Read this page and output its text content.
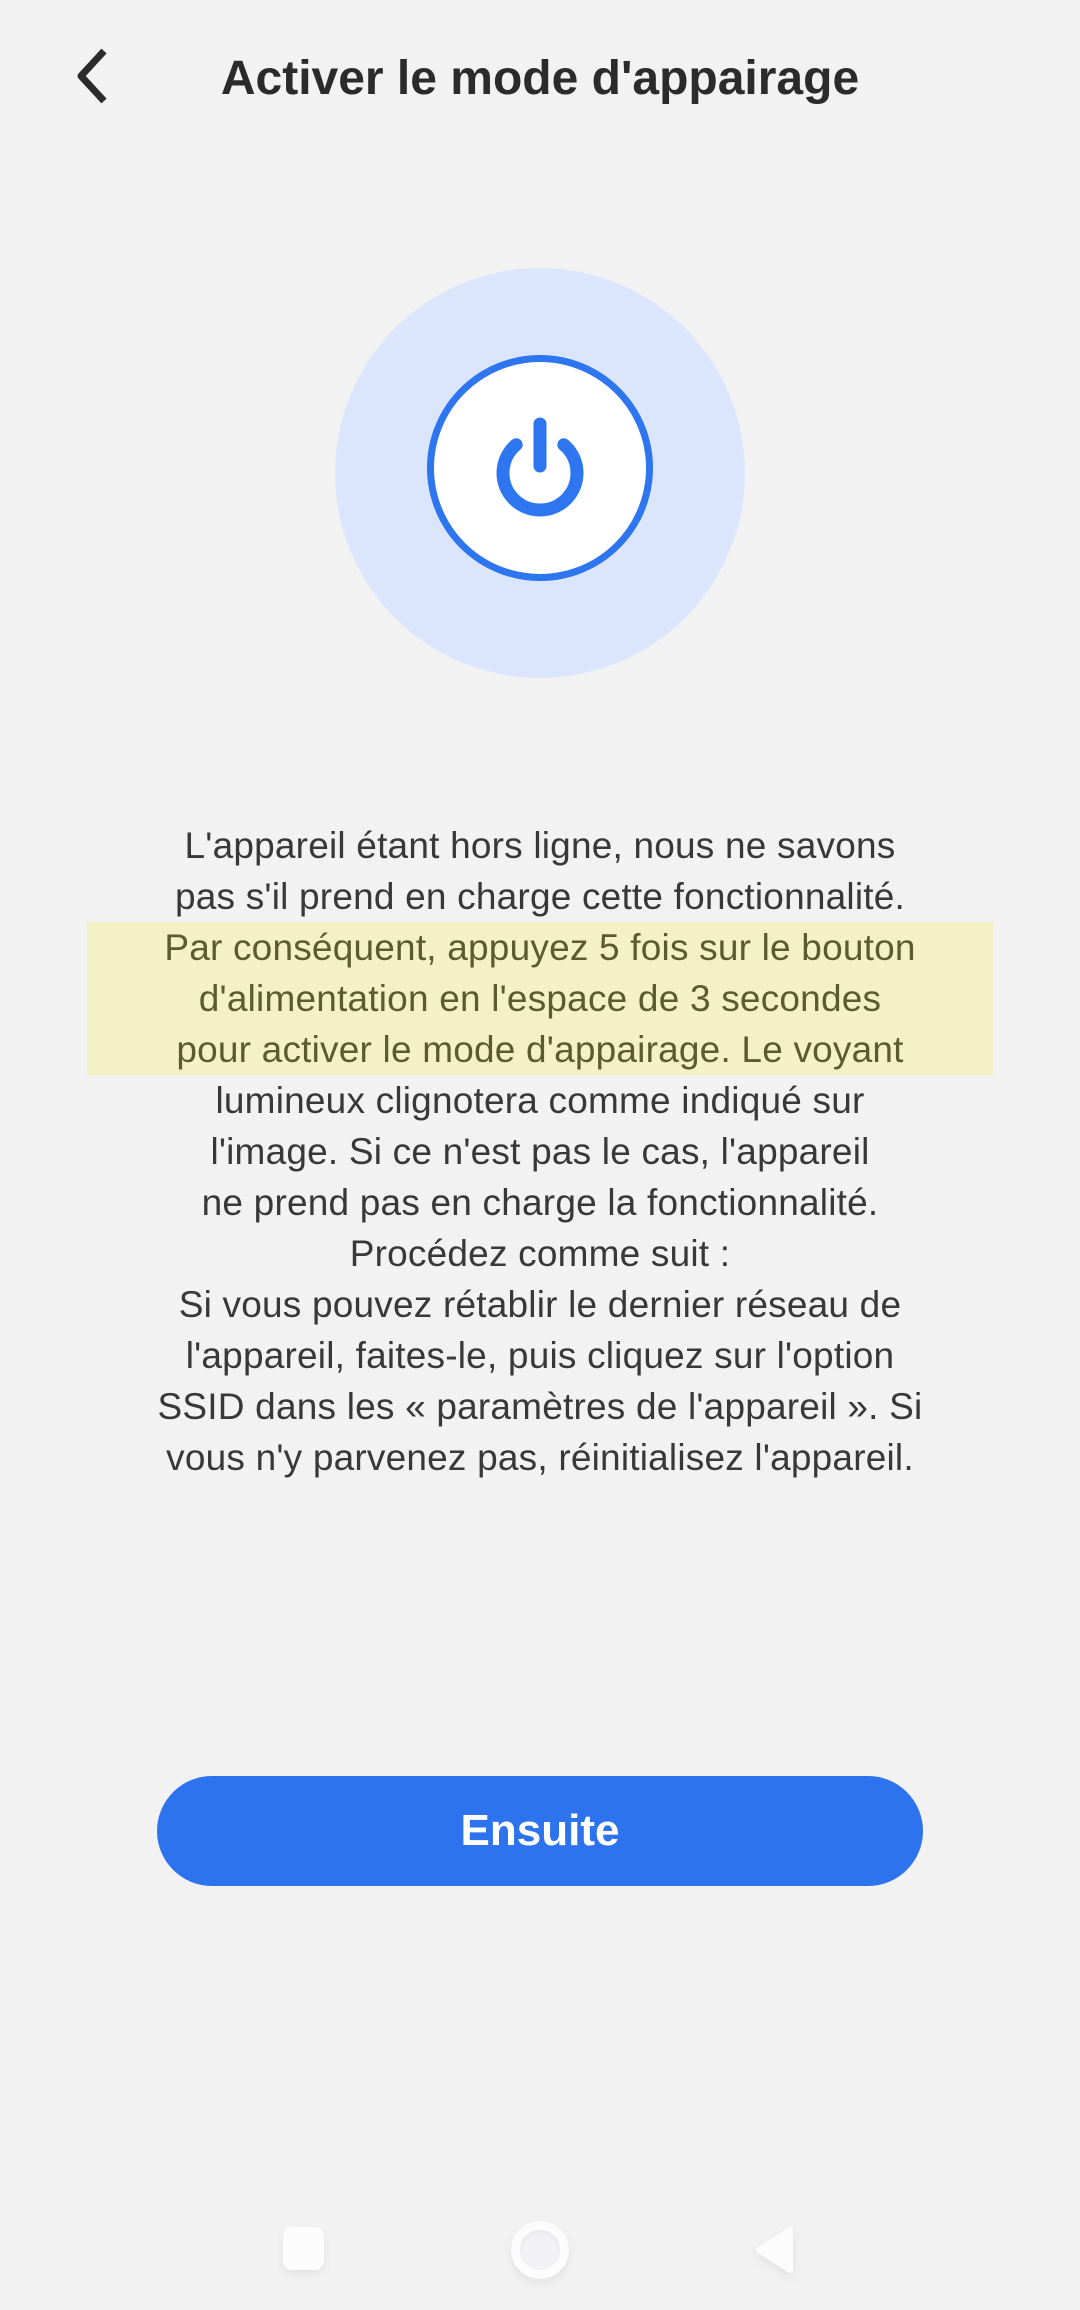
Activer le mode d'appairage
L'appareil étant hors ligne, nous ne savons
pas s'il prend en charge cette fonctionnalité.
Par conséquent, appuyez 5 fois sur le bouton
d'alimentation en l'espace de 3 secondes
pour activer le mode d'appairage. Le voyant
lumineux clignotera comme indiqué sur
l'image. Si ce n'est pas le cas, l'appareil
ne prend pas en charge la fonctionnalité.
Procédez comme suit :
Si vous pouvez rétablir le dernier réseau de
l'appareil, faites-le, puis cliquez sur l'option
SSID dans les « paramètres de l'appareil ». Si
vous n'y parvenez pas, réinitialisez l'appareil.
Ensuite
